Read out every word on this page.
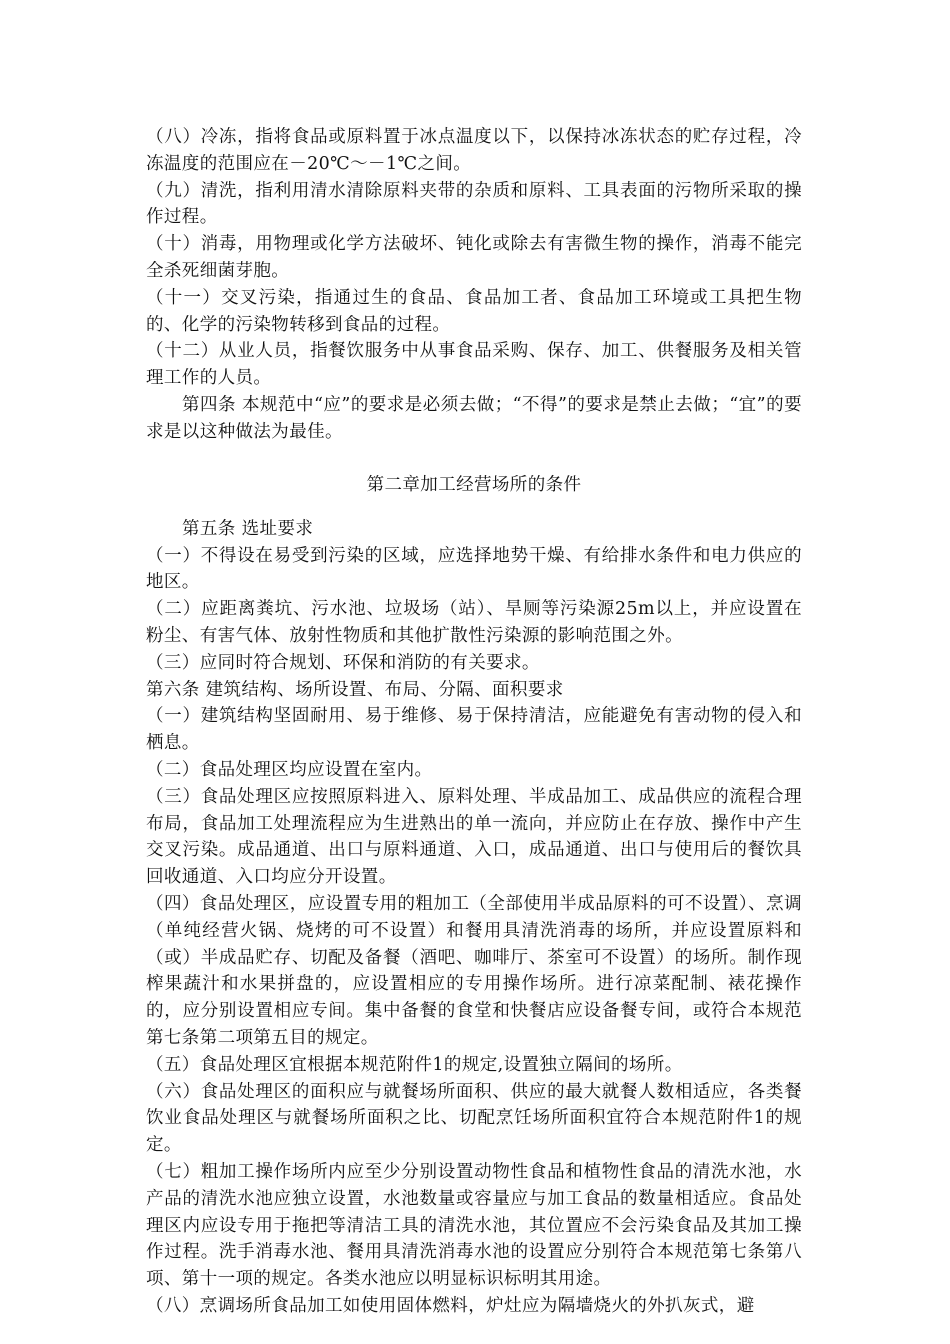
（八）冷冻，指将食品或原料置于冰点温度以下，以保持冰冻状态的贮存过程，冷冻温度的范围应在－20℃～－1℃之间。

（九）清洗，指利用清水清除原料夹带的杂质和原料、工具表面的污物所采取的操作过程。

（十）消毒，用物理或化学方法破坏、钝化或除去有害微生物的操作，消毒不能完全杀死细菌芽胞。

（十一）交叉污染，指通过生的食品、食品加工者、食品加工环境或工具把生物的、化学的污染物转移到食品的过程。

（十二）从业人员，指餐饮服务中从事食品采购、保存、加工、供餐服务及相关管理工作的人员。

第四条 本规范中“应”的要求是必须去做；“不得”的要求是禁止去做；“宜”的要求是以这种做法为最佳。

第二章加工经营场所的条件

第五条 选址要求

（一）不得设在易受到污染的区域，应选择地势干燥、有给排水条件和电力供应的地区。

（二）应距离粪坑、污水池、垃圾场（站）、旱厕等污染源25m以上，并应设置在粉尘、有害气体、放射性物质和其他扩散性污染源的影响范围之外。

（三）应同时符合规划、环保和消防的有关要求。

第六条 建筑结构、场所设置、布局、分隔、面积要求

（一）建筑结构坚固耐用、易于维修、易于保持清洁，应能避免有害动物的侵入和栖息。

（二）食品处理区均应设置在室内。

（三）食品处理区应按照原料进入、原料处理、半成品加工、成品供应的流程合理布局，食品加工处理流程应为生进熟出的单一流向，并应防止在存放、操作中产生交叉污染。成品通道、出口与原料通道、入口，成品通道、出口与使用后的餐饮具回收通道、入口均应分开设置。

（四）食品处理区，应设置专用的粗加工（全部使用半成品原料的可不设置）、烹调（单纯经营火锅、烧烤的可不设置）和餐用具清洗消毒的场所，并应设置原料和（或）半成品贮存、切配及备餐（酒吧、咖啡厅、茶室可不设置）的场所。制作现榨果蔬汁和水果拼盘的，应设置相应的专用操作场所。进行凉菜配制、裱花操作的，应分别设置相应专间。集中备餐的食堂和快餐店应设备餐专间，或符合本规范第七条第二项第五目的规定。

（五）食品处理区宜根据本规范附件1的规定,设置独立隔间的场所。

（六）食品处理区的面积应与就餐场所面积、供应的最大就餐人数相适应，各类餐饮业食品处理区与就餐场所面积之比、切配烹饪场所面积宜符合本规范附件1的规定。

（七）粗加工操作场所内应至少分别设置动物性食品和植物性食品的清洗水池，水产品的清洗水池应独立设置，水池数量或容量应与加工食品的数量相适应。食品处理区内应设专用于拖把等清洁工具的清洗水池，其位置应不会污染食品及其加工操作过程。洗手消毒水池、餐用具清洗消毒水池的设置应分别符合本规范第七条第八项、第十一项的规定。各类水池应以明显标识标明其用途。

（八）烹调场所食品加工如使用固体燃料，炉灶应为隔墙烧火的外扒灰式，避
